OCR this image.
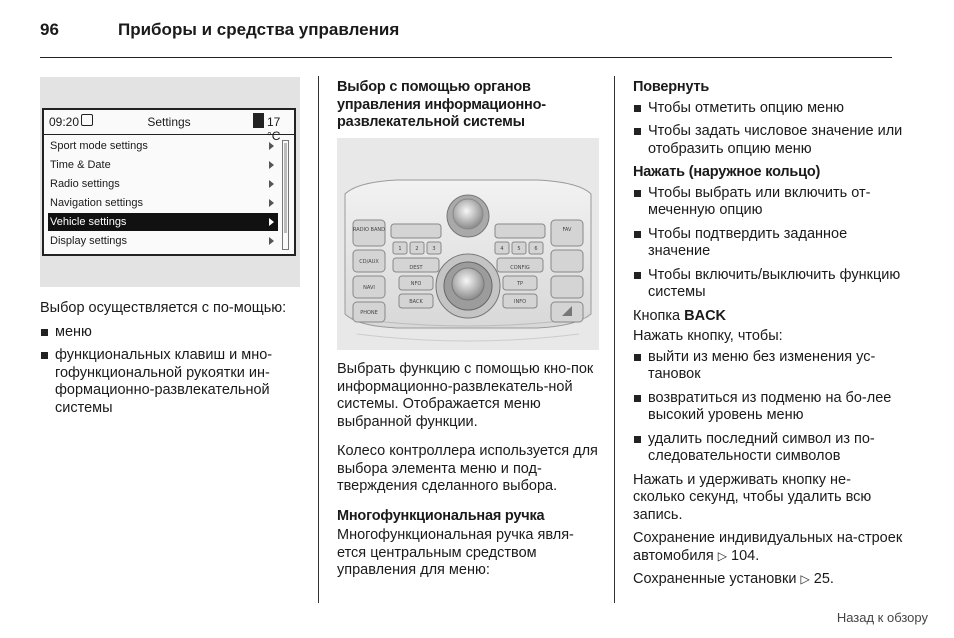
96	Приборы и средства управления
09:20	Settings	17 °C
Sport mode settings
Time & Date
Radio settings
Navigation settings
Vehicle settings
Display settings

Выбор осуществляется с по-мощью:

меню
функциональных клавиш и мно-гофункциональной рукоятки ин-формационно-развлекательной системы

Выбор с помощью органов управления информационно-развлекательной системы

RADIO BAND
CD/AUX
NAVI
PHONE
DEST
NFO
BACK
CONFIG
TP
INFO
FAV
1	2	3	4	5	6

Выбрать функцию с помощью кно-пок информационно-развлекатель-ной системы. Отображается меню выбранной функции.

Колесо контроллера используется для выбора элемента меню и под-тверждения сделанного выбора.

Многофункциональная ручка

Многофункциональная ручка явля-ется центральным средством управления для меню:

Повернуть

Чтобы отметить опцию меню
Чтобы задать числовое значение или отобразить опцию меню

Нажать (наружное кольцо)

Чтобы выбрать или включить от-меченную опцию
Чтобы подтвердить заданное значение
Чтобы включить/выключить функцию системы

Кнопка BACK

Нажать кнопку, чтобы:

выйти из меню без изменения ус-тановок
возвратиться из подменю на бо-лее высокий уровень меню
удалить последний символ из по-следовательности символов

Нажать и удерживать кнопку не-сколько секунд, чтобы удалить всю запись.

Сохранение индивидуальных на-строек автомобиля ▷ 104.

Сохраненные установки ▷ 25.

Назад к обзору
